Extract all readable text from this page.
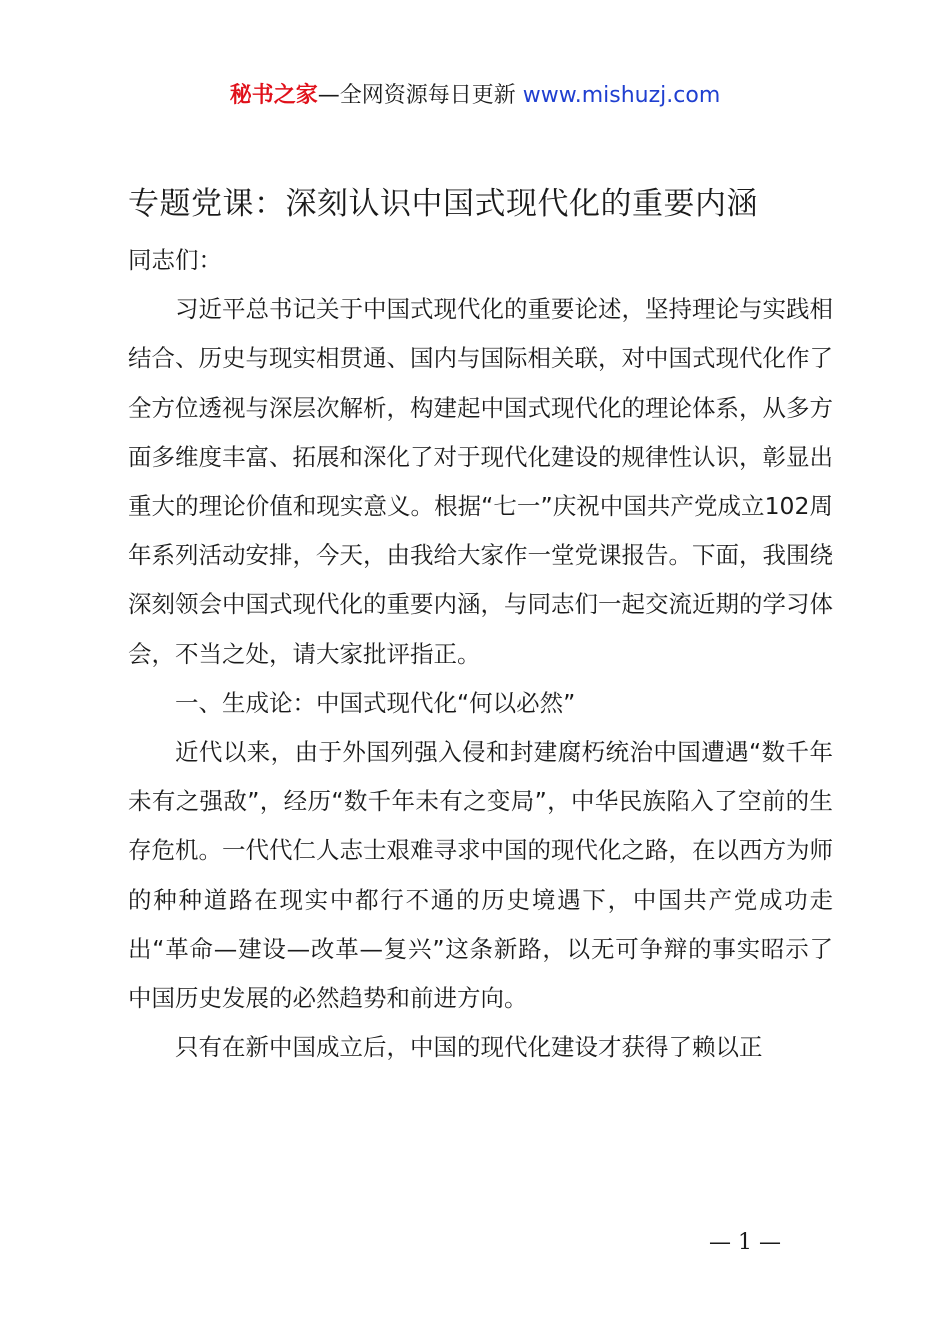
秘书之家—全网资源每日更新 www.mishuzj.com
专题党课：深刻认识中国式现代化的重要内涵

同志们：

习近平总书记关于中国式现代化的重要论述，坚持理论与实践相结合、历史与现实相贯通、国内与国际相关联，对中国式现代化作了全方位透视与深层次解析，构建起中国式现代化的理论体系，从多方面多维度丰富、拓展和深化了对于现代化建设的规律性认识，彰显出重大的理论价值和现实意义。根据“七一”庆祝中国共产党成立102周年系列活动安排，今天，由我给大家作一堂党课报告。下面，我围绕深刻领会中国式现代化的重要内涵，与同志们一起交流近期的学习体会，不当之处，请大家批评指正。

一、生成论：中国式现代化“何以必然”

近代以来，由于外国列强入侵和封建腐朽统治中国遭遇“数千年未有之强敌”，经历“数千年未有之变局”，中华民族陷入了空前的生存危机。一代代仁人志士艰难寻求中国的现代化之路，在以西方为师的种种道路在现实中都行不通的历史境遇下，中国共产党成功走出“革命—建设—改革—复兴”这条新路，以无可争辩的事实昭示了中国历史发展的必然趋势和前进方向。

只有在新中国成立后，中国的现代化建设才获得了赖以正

— 1 —
